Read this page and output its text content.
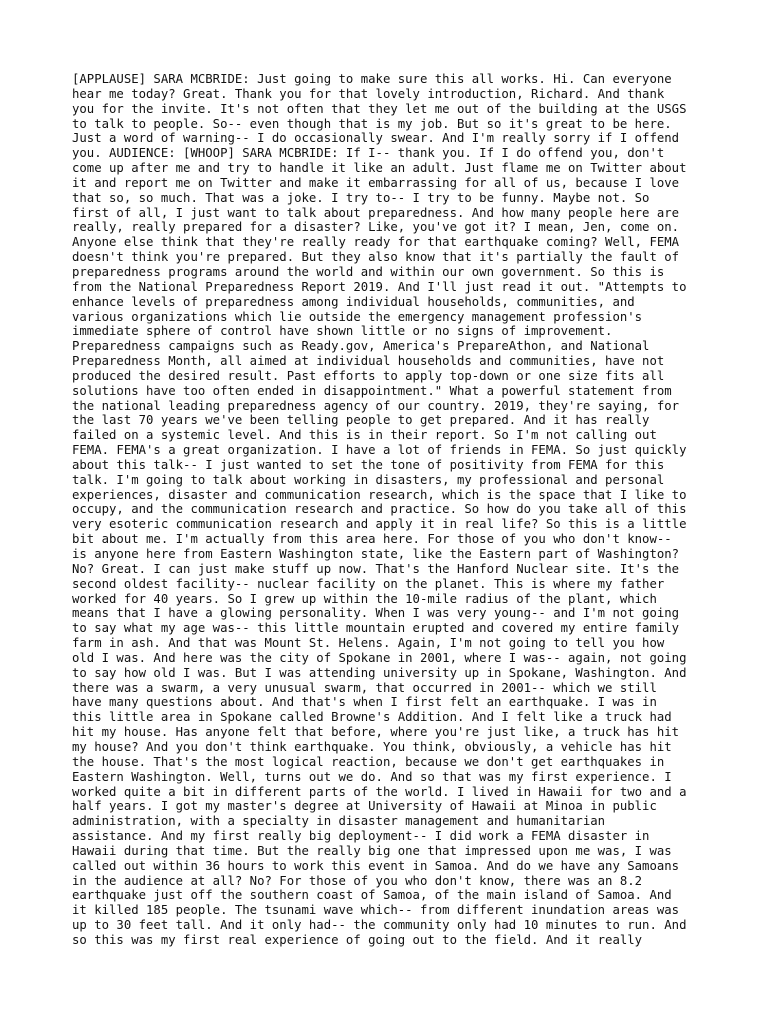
[APPLAUSE] SARA MCBRIDE: Just going to make sure this all works. Hi. Can everyone
hear me today? Great. Thank you for that lovely introduction, Richard. And thank
you for the invite. It's not often that they let me out of the building at the USGS
to talk to people. So-- even though that is my job. But so it's great to be here.
Just a word of warning-- I do occasionally swear. And I'm really sorry if I offend
you. AUDIENCE: [WHOOP] SARA MCBRIDE: If I-- thank you. If I do offend you, don't
come up after me and try to handle it like an adult. Just flame me on Twitter about
it and report me on Twitter and make it embarrassing for all of us, because I love
that so, so much. That was a joke. I try to-- I try to be funny. Maybe not. So
first of all, I just want to talk about preparedness. And how many people here are
really, really prepared for a disaster? Like, you've got it? I mean, Jen, come on.
Anyone else think that they're really ready for that earthquake coming? Well, FEMA
doesn't think you're prepared. But they also know that it's partially the fault of
preparedness programs around the world and within our own government. So this is
from the National Preparedness Report 2019. And I'll just read it out. "Attempts to
enhance levels of preparedness among individual households, communities, and
various organizations which lie outside the emergency management profession's
immediate sphere of control have shown little or no signs of improvement.
Preparedness campaigns such as Ready.gov, America's PrepareAthon, and National
Preparedness Month, all aimed at individual households and communities, have not
produced the desired result. Past efforts to apply top-down or one size fits all
solutions have too often ended in disappointment." What a powerful statement from
the national leading preparedness agency of our country. 2019, they're saying, for
the last 70 years we've been telling people to get prepared. And it has really
failed on a systemic level. And this is in their report. So I'm not calling out
FEMA. FEMA's a great organization. I have a lot of friends in FEMA. So just quickly
about this talk-- I just wanted to set the tone of positivity from FEMA for this
talk. I'm going to talk about working in disasters, my professional and personal
experiences, disaster and communication research, which is the space that I like to
occupy, and the communication research and practice. So how do you take all of this
very esoteric communication research and apply it in real life? So this is a little
bit about me. I'm actually from this area here. For those of you who don't know--
is anyone here from Eastern Washington state, like the Eastern part of Washington?
No? Great. I can just make stuff up now. That's the Hanford Nuclear site. It's the
second oldest facility-- nuclear facility on the planet. This is where my father
worked for 40 years. So I grew up within the 10-mile radius of the plant, which
means that I have a glowing personality. When I was very young-- and I'm not going
to say what my age was-- this little mountain erupted and covered my entire family
farm in ash. And that was Mount St. Helens. Again, I'm not going to tell you how
old I was. And here was the city of Spokane in 2001, where I was-- again, not going
to say how old I was. But I was attending university up in Spokane, Washington. And
there was a swarm, a very unusual swarm, that occurred in 2001-- which we still
have many questions about. And that's when I first felt an earthquake. I was in
this little area in Spokane called Browne's Addition. And I felt like a truck had
hit my house. Has anyone felt that before, where you're just like, a truck has hit
my house? And you don't think earthquake. You think, obviously, a vehicle has hit
the house. That's the most logical reaction, because we don't get earthquakes in
Eastern Washington. Well, turns out we do. And so that was my first experience. I
worked quite a bit in different parts of the world. I lived in Hawaii for two and a
half years. I got my master's degree at University of Hawaii at Minoa in public
administration, with a specialty in disaster management and humanitarian
assistance. And my first really big deployment-- I did work a FEMA disaster in
Hawaii during that time. But the really big one that impressed upon me was, I was
called out within 36 hours to work this event in Samoa. And do we have any Samoans
in the audience at all? No? For those of you who don't know, there was an 8.2
earthquake just off the southern coast of Samoa, of the main island of Samoa. And
it killed 185 people. The tsunami wave which-- from different inundation areas was
up to 30 feet tall. And it only had-- the community only had 10 minutes to run. And
so this was my first real experience of going out to the field. And it really
